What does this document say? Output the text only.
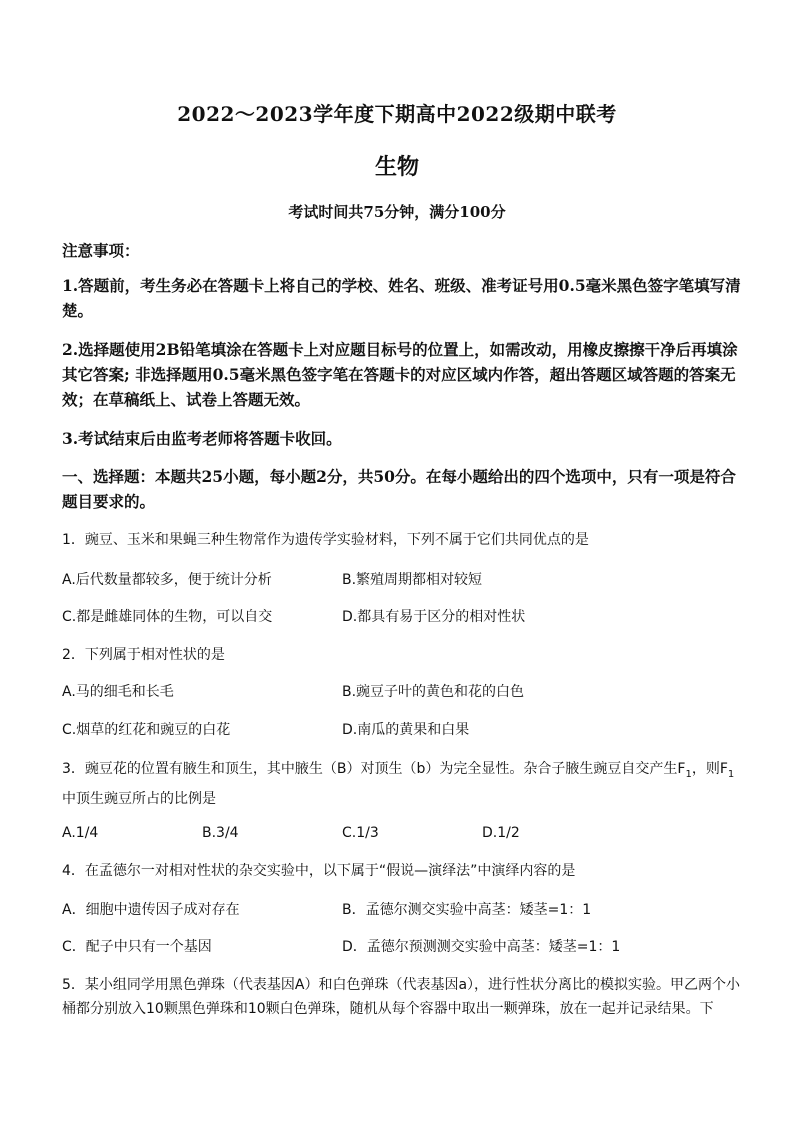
2022～2023学年度下期高中2022级期中联考
生物
考试时间共75分钟，满分100分
注意事项：
1.答题前，考生务必在答题卡上将自己的学校、姓名、班级、准考证号用0.5毫米黑色签字笔填写清楚。
2.选择题使用2B铅笔填涂在答题卡上对应题目标号的位置上，如需改动，用橡皮擦擦干净后再填涂其它答案; 非选择题用0.5毫米黑色签字笔在答题卡的对应区域内作答，超出答题区域答题的答案无效；在草稿纸上、试卷上答题无效。
3.考试结束后由监考老师将答题卡收回。
一、选择题：本题共25小题，每小题2分，共50分。在每小题给出的四个选项中，只有一项是符合题目要求的。
1．豌豆、玉米和果蝇三种生物常作为遗传学实验材料，下列不属于它们共同优点的是
A.后代数量都较多，便于统计分析	B.繁殖周期都相对较短
C.都是雌雄同体的生物，可以自交	D.都具有易于区分的相对性状
2．下列属于相对性状的是
A.马的细毛和长毛	B.豌豆子叶的黄色和花的白色
C.烟草的红花和豌豆的白花	D.南瓜的黄果和白果
3．豌豆花的位置有腋生和顶生，其中腋生（B）对顶生（b）为完全显性。杂合子腋生豌豆自交产生$F_1$，则$F_1$中顶生豌豆所占的比例是
A.1/4	B.3/4	C.1/3	D.1/2
4．在孟德尔一对相对性状的杂交实验中，以下属于“假说—演绎法”中演绎内容的是
A．细胞中遗传因子成对存在	B．孟德尔测交实验中高茎：矮茎=1：1
C．配子中只有一个基因	D．孟德尔预测测交实验中高茎：矮茎=1：1
5．某小组同学用黑色弹珠（代表基因A）和白色弹珠（代表基因a），进行性状分离比的模拟实验。甲乙两个小桶都分别放入10颗黑色弹珠和10颗白色弹珠，随机从每个容器中取出一颗弹珠，放在一起并记录结果。下
